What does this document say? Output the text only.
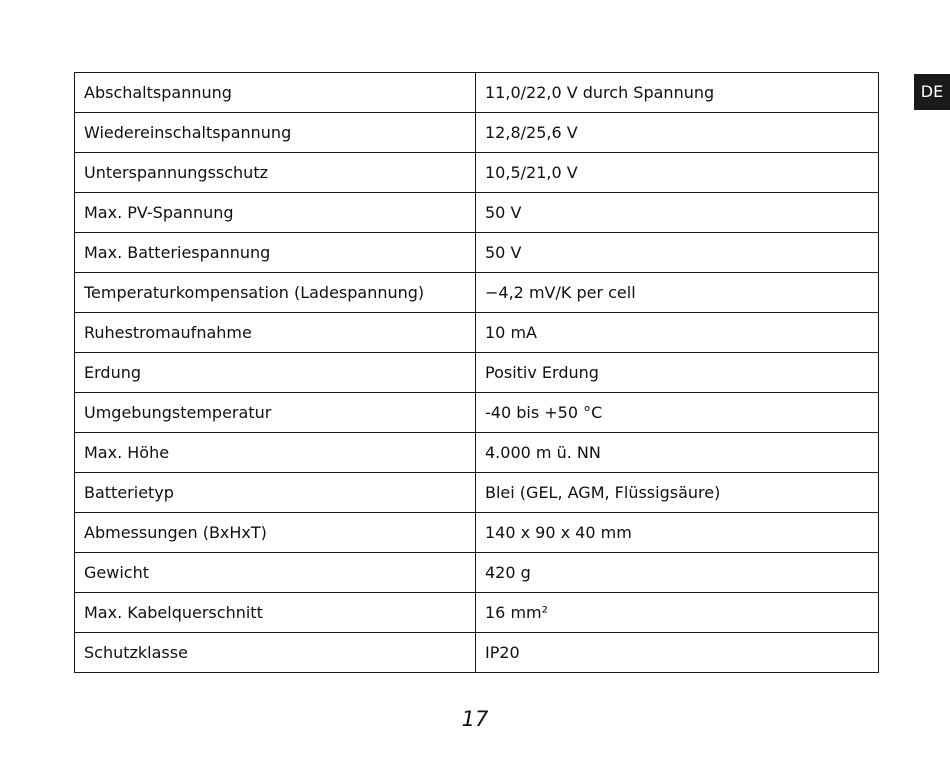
DE
Abschaltspannung	11,0/22,0 V durch Spannung
Wiedereinschaltspannung	12,8/25,6 V
Unterspannungsschutz	10,5/21,0 V
Max. PV-Spannung	50 V
Max. Batteriespannung	50 V
Temperaturkompensation (Ladespannung)	−4,2 mV/K per cell
Ruhestromaufnahme	10 mA
Erdung	Positiv Erdung
Umgebungstemperatur	-40 bis +50 °C
Max. Höhe	4.000 m ü. NN
Batterietyp	Blei (GEL, AGM, Flüssigsäure)
Abmessungen (BxHxT)	140 x 90 x 40 mm
Gewicht	420 g
Max. Kabelquerschnitt	16 mm²
Schutzklasse	IP20
17
